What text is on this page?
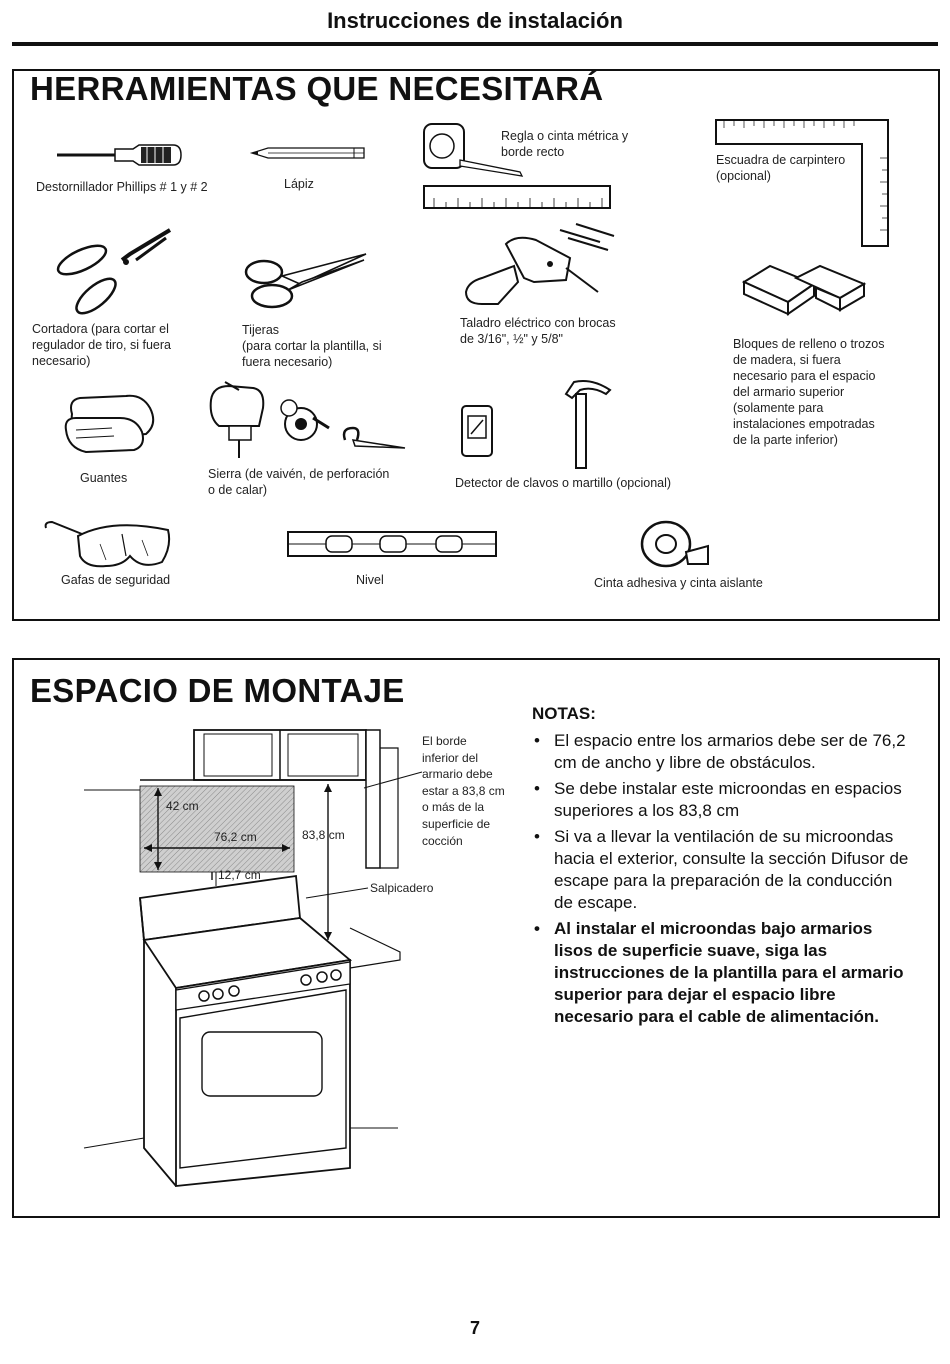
Instrucciones de instalación
HERRAMIENTAS QUE NECESITARÁ
Destornillador Phillips # 1 y # 2	Lápiz
Regla o cinta métrica y
borde recto
Escuadra de carpintero
(opcional)
Cortadora (para cortar el
regulador de tiro, si fuera
necesario)
Tijeras
(para cortar la plantilla, si
fuera necesario)
Taladro eléctrico con brocas
de 3/16", ½" y 5/8"	Bloques de relleno o trozos
de madera, si fuera
necesario para el espacio
del armario superior
(solamente para
instalaciones empotradas
de la parte inferior)
Guantes	Sierra (de vaivén, de perforación
o de calar)	Detector de clavos o martillo (opcional)
Gafas de seguridad	Nivel	Cinta adhesiva y cinta aislante
ESPACIO DE MONTAJE
42 cm
76,2 cm	83,8 cm
12,7 cm
El borde
inferior del
armario debe
estar a 83,8 cm
o más de la
superficie de
cocción
Salpicadero
NOTAS:
• El espacio entre los armarios debe ser de 76,2 cm de ancho y libre de obstáculos.
• Se debe instalar este microondas en espacios superiores a los 83,8 cm
• Si va a llevar la ventilación de su microondas hacia el exterior, consulte la sección Difusor de escape para la preparación de la conducción de escape.
• Al instalar el microondas bajo armarios lisos de superficie suave, siga las instrucciones de la plantilla para el armario superior para dejar el espacio libre necesario para el cable de alimentación.
7
